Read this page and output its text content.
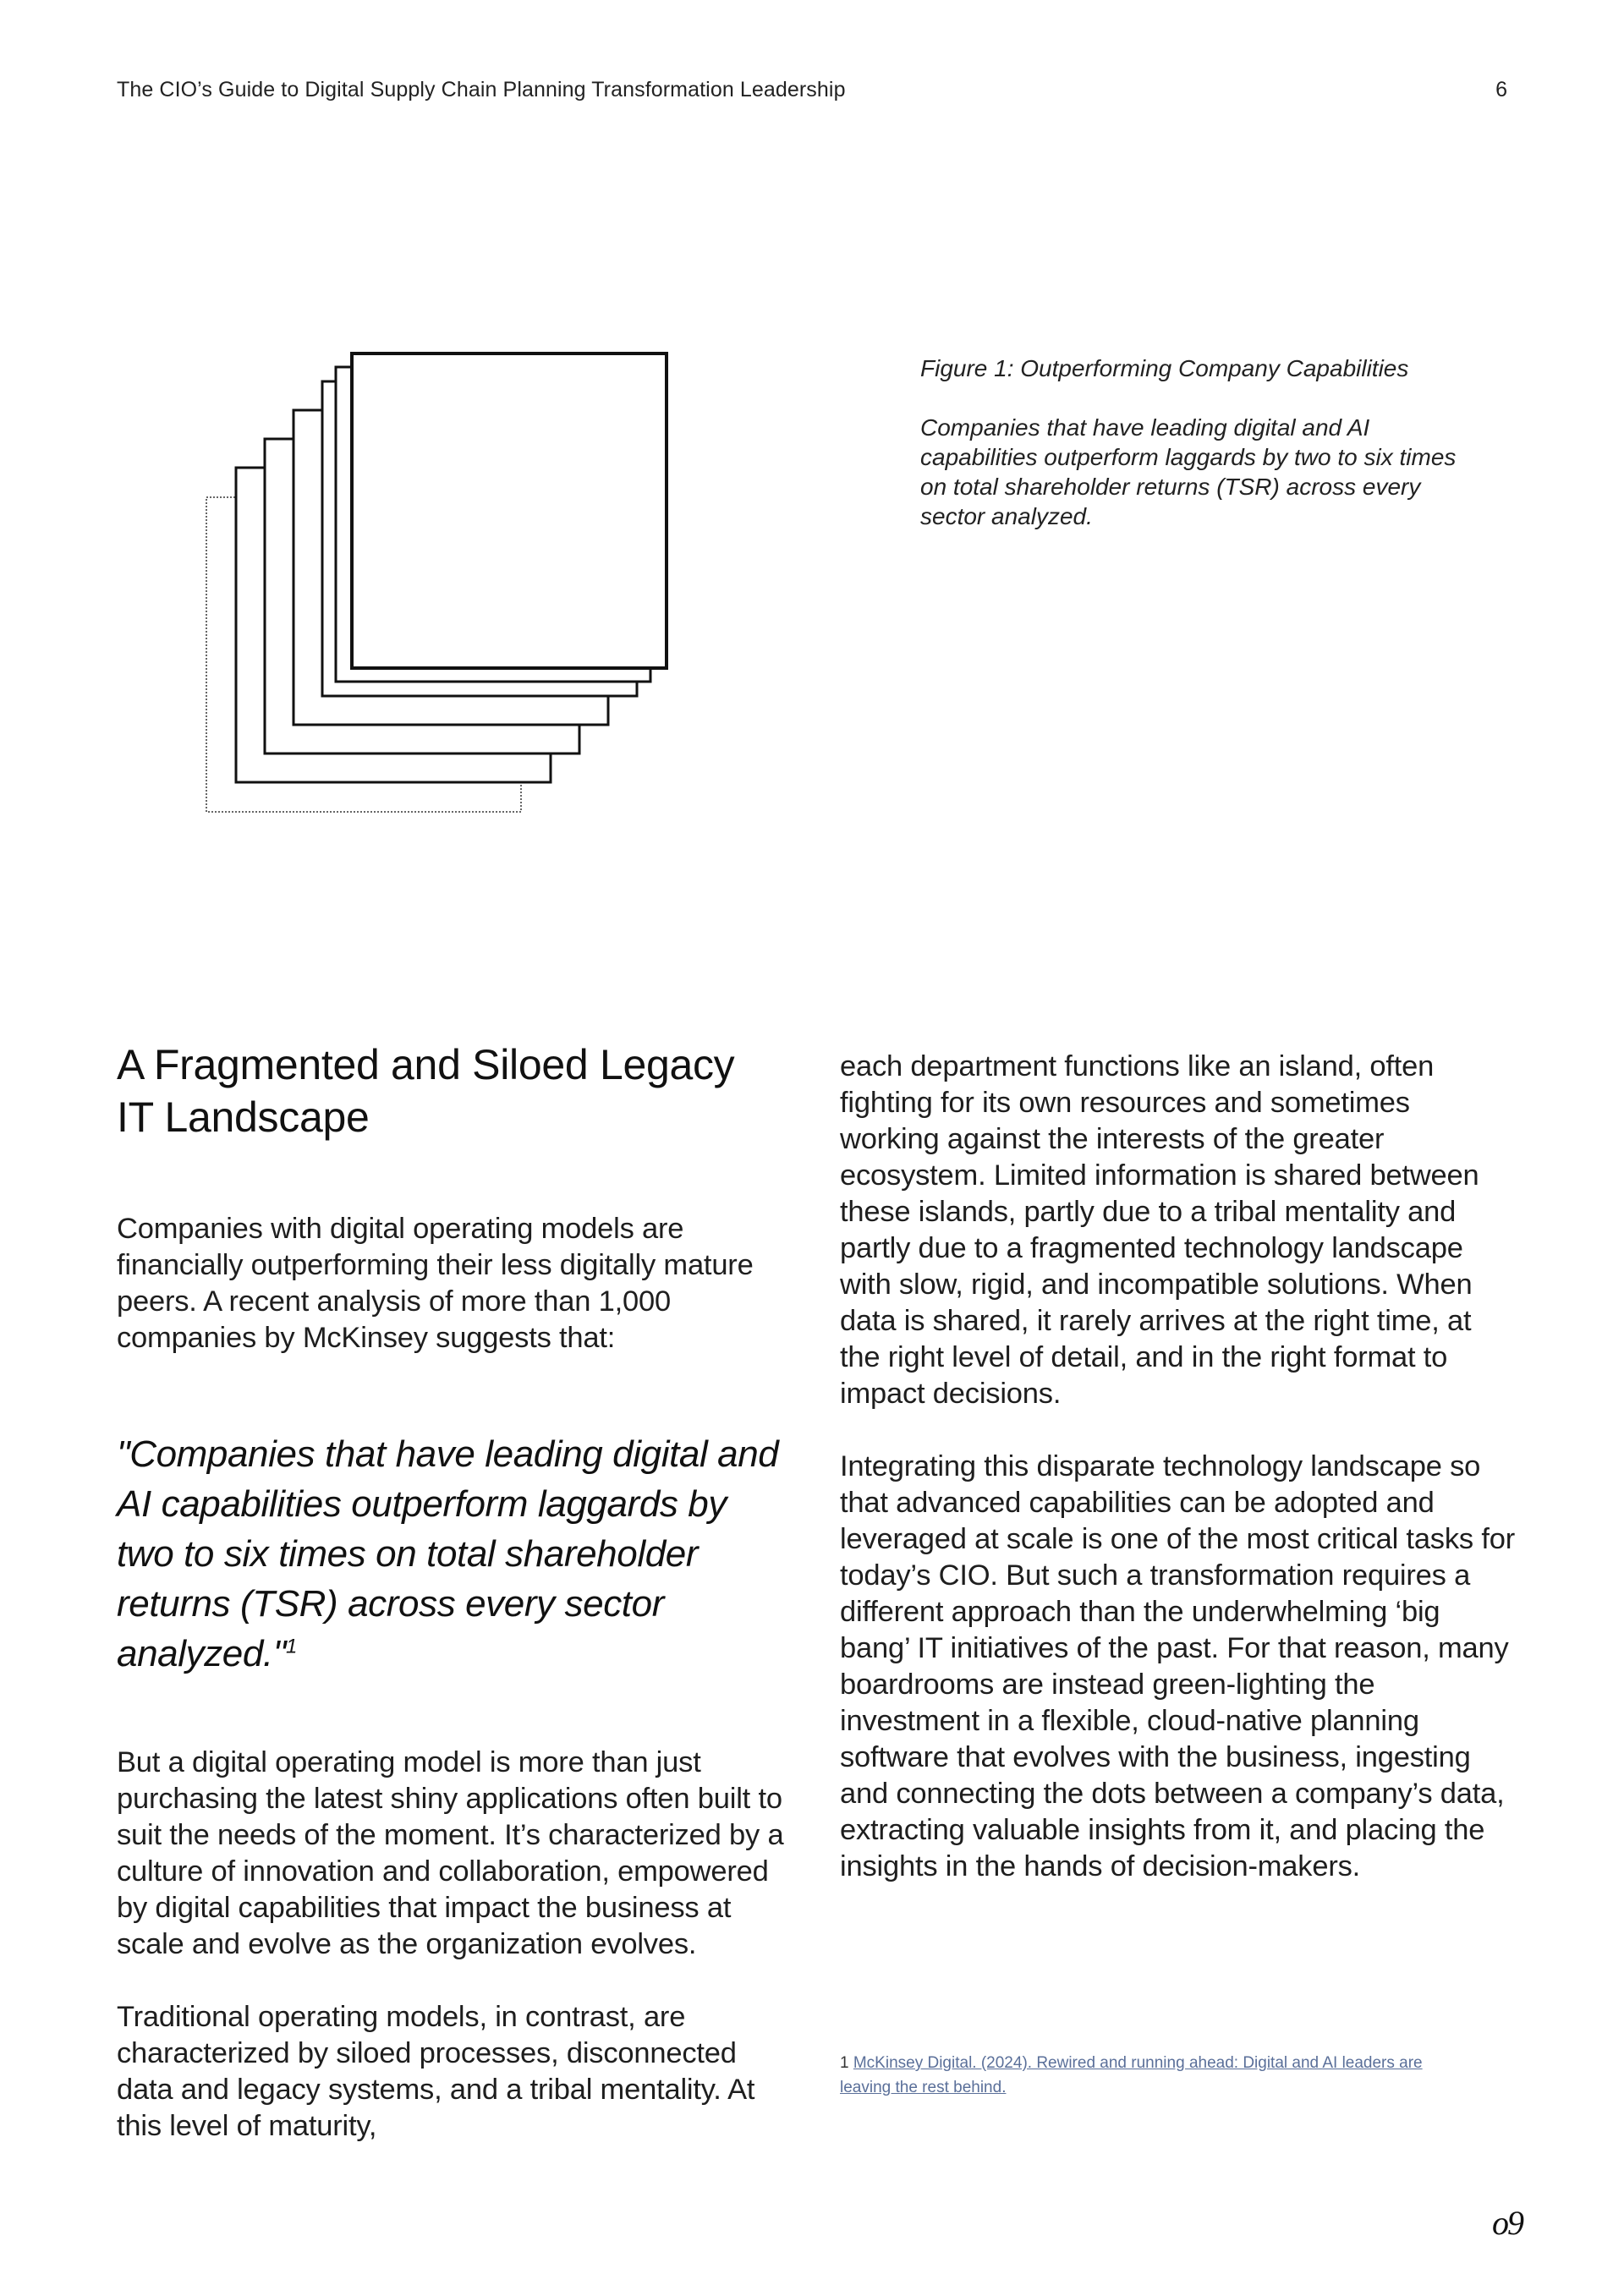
The CIO’s Guide to Digital Supply Chain Planning Transformation Leadership	6

Figure 1: Outperforming Company Capabilities

Companies that have leading digital and AI capabilities outperform laggards by two to six times on total shareholder returns (TSR) across every sector analyzed.

A Fragmented and Siloed Legacy
IT Landscape

Companies with digital operating models are financially outperforming their less digitally mature peers. A recent analysis of more than 1,000 companies by McKinsey suggests that:

"Companies that have leading digital and AI capabilities outperform laggards by two to six times on total shareholder returns (TSR) across every sector analyzed."$^1$

But a digital operating model is more than just purchasing the latest shiny applications often built to suit the needs of the moment. It’s characterized by a culture of innovation and collaboration, empowered by digital capabilities that impact the business at scale and evolve as the organization evolves.

Traditional operating models, in contrast, are characterized by siloed processes, disconnected data and legacy systems, and a tribal mentality. At this level of maturity,

each department functions like an island, often fighting for its own resources and sometimes working against the interests of the greater ecosystem. Limited information is shared between these islands, partly due to a tribal mentality and partly due to a fragmented technology landscape with slow, rigid, and incompatible solutions. When data is shared, it rarely arrives at the right time, at the right level of detail, and in the right format to impact decisions.

Integrating this disparate technology landscape so that advanced capabilities can be adopted and leveraged at scale is one of the most critical tasks for today’s CIO. But such a transformation requires a different approach than the underwhelming ‘big bang’ IT initiatives of the past. For that reason, many boardrooms are instead green-lighting the investment in a flexible, cloud-native planning software that evolves with the business, ingesting and connecting the dots between a company’s data, extracting valuable insights from it, and placing the insights in the hands of decision-makers.

1 McKinsey Digital. (2024). Rewired and running ahead: Digital and AI leaders are leaving the rest behind.
o9
